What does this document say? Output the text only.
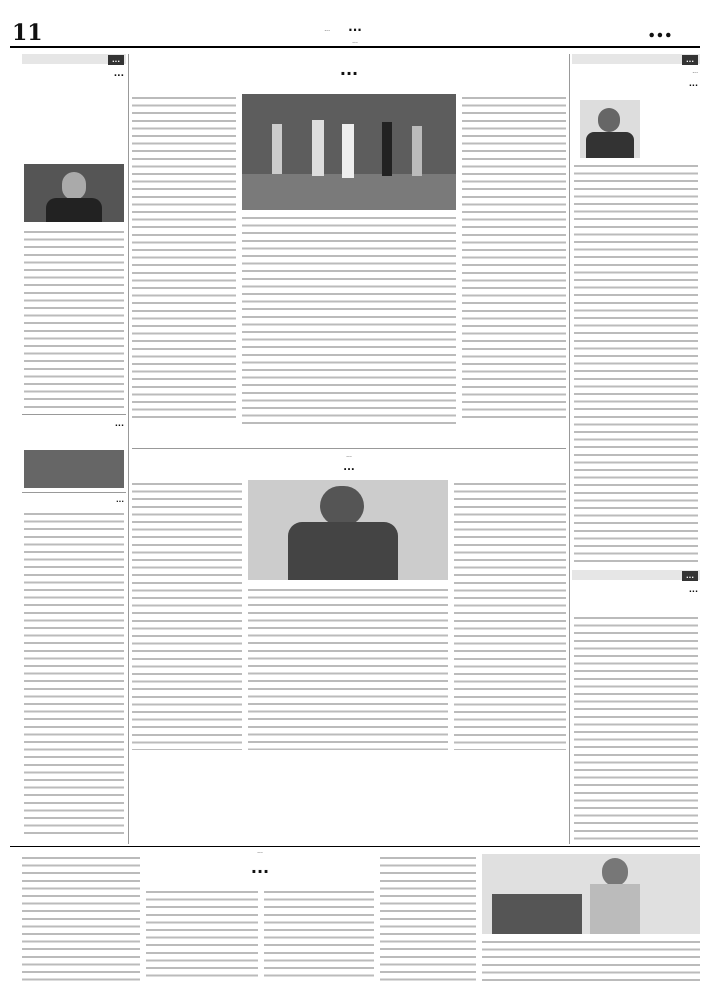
11	...	...
...	...
...
...
...
...
...
...
...
...
...
...
...
...
...
...
